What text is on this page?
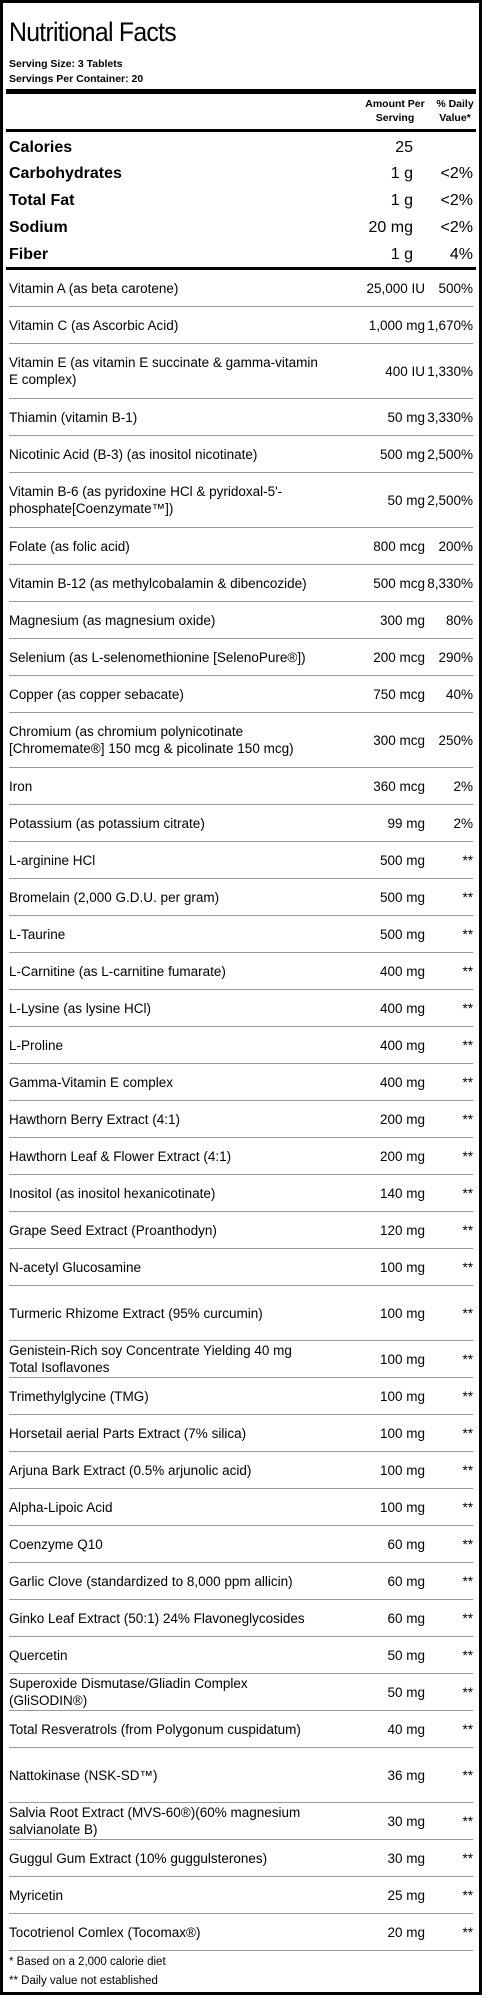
Nutritional Facts
Serving Size: 3 Tablets
Servings Per Container: 20
Amount Per Serving
% Daily Value*
Calories	25
Carbohydrates	1 g	<2%
Total Fat	1 g	<2%
Sodium	20 mg	<2%
Fiber	1 g	4%
Vitamin A (as beta carotene)	25,000 IU 500%
Vitamin C (as Ascorbic Acid)	1,000 mg 1,670%
Vitamin E (as vitamin E succinate & gamma-vitamin E complex)
400 IU 1,330%
Thiamin (vitamin B-1)	50 mg 3,330%
Nicotinic Acid (B-3) (as inositol nicotinate)	500 mg 2,500%
Vitamin B-6 (as pyridoxine HCl & pyridoxal-5'-phosphate[Coenzymate™])
50 mg 2,500%
Folate (as folic acid)	800 mcg 200%
Vitamin B-12 (as methylcobalamin & dibencozide)	500 mcg 8,330%
Magnesium (as magnesium oxide)	300 mg	80%
Selenium (as L-selenomethionine [SelenoPure®])	200 mcg 290%
Copper (as copper sebacate)	750 mcg	40%
Chromium (as chromium polynicotinate [Chromemate®] 150 mcg & picolinate 150 mcg)
300 mcg 250%
Iron	360 mcg	2%
Potassium (as potassium citrate)	99 mg	2%
L-arginine HCl	500 mg	**
Bromelain (2,000 G.D.U. per gram)	500 mg	**
L-Taurine	500 mg	**
L-Carnitine (as L-carnitine fumarate)	400 mg	**
L-Lysine (as lysine HCl)	400 mg	**
L-Proline	400 mg	**
Gamma-Vitamin E complex	400 mg	**
Hawthorn Berry Extract (4:1)	200 mg	**
Hawthorn Leaf & Flower Extract (4:1)	200 mg	**
Inositol (as inositol hexanicotinate)	140 mg	**
Grape Seed Extract (Proanthodyn)	120 mg	**
N-acetyl Glucosamine	100 mg	**
Turmeric Rhizome Extract (95% curcumin)	100 mg	**
Genistein-Rich soy Concentrate Yielding 40 mg Total Isoflavones
100 mg	**
Trimethylglycine (TMG)	100 mg	**
Horsetail aerial Parts Extract (7% silica)	100 mg	**
Arjuna Bark Extract (0.5% arjunolic acid)	100 mg	**
Alpha-Lipoic Acid	100 mg	**
Coenzyme Q10	60 mg	**
Garlic Clove (standardized to 8,000 ppm allicin)	60 mg	**
Ginko Leaf Extract (50:1) 24% Flavoneglycosides	60 mg	**
Quercetin	50 mg	**
Superoxide Dismutase/Gliadin Complex (GliSODIN®)
50 mg	**
Total Resveratrols (from Polygonum cuspidatum)	40 mg	**
Nattokinase (NSK-SD™)	36 mg	**
Salvia Root Extract (MVS-60®)(60% magnesium salvianolate B)
30 mg	**
Guggul Gum Extract (10% guggulsterones)	30 mg	**
Myricetin	25 mg	**
Tocotrienol Comlex (Tocomax®)	20 mg	**
* Based on a 2,000 calorie diet
** Daily value not established
